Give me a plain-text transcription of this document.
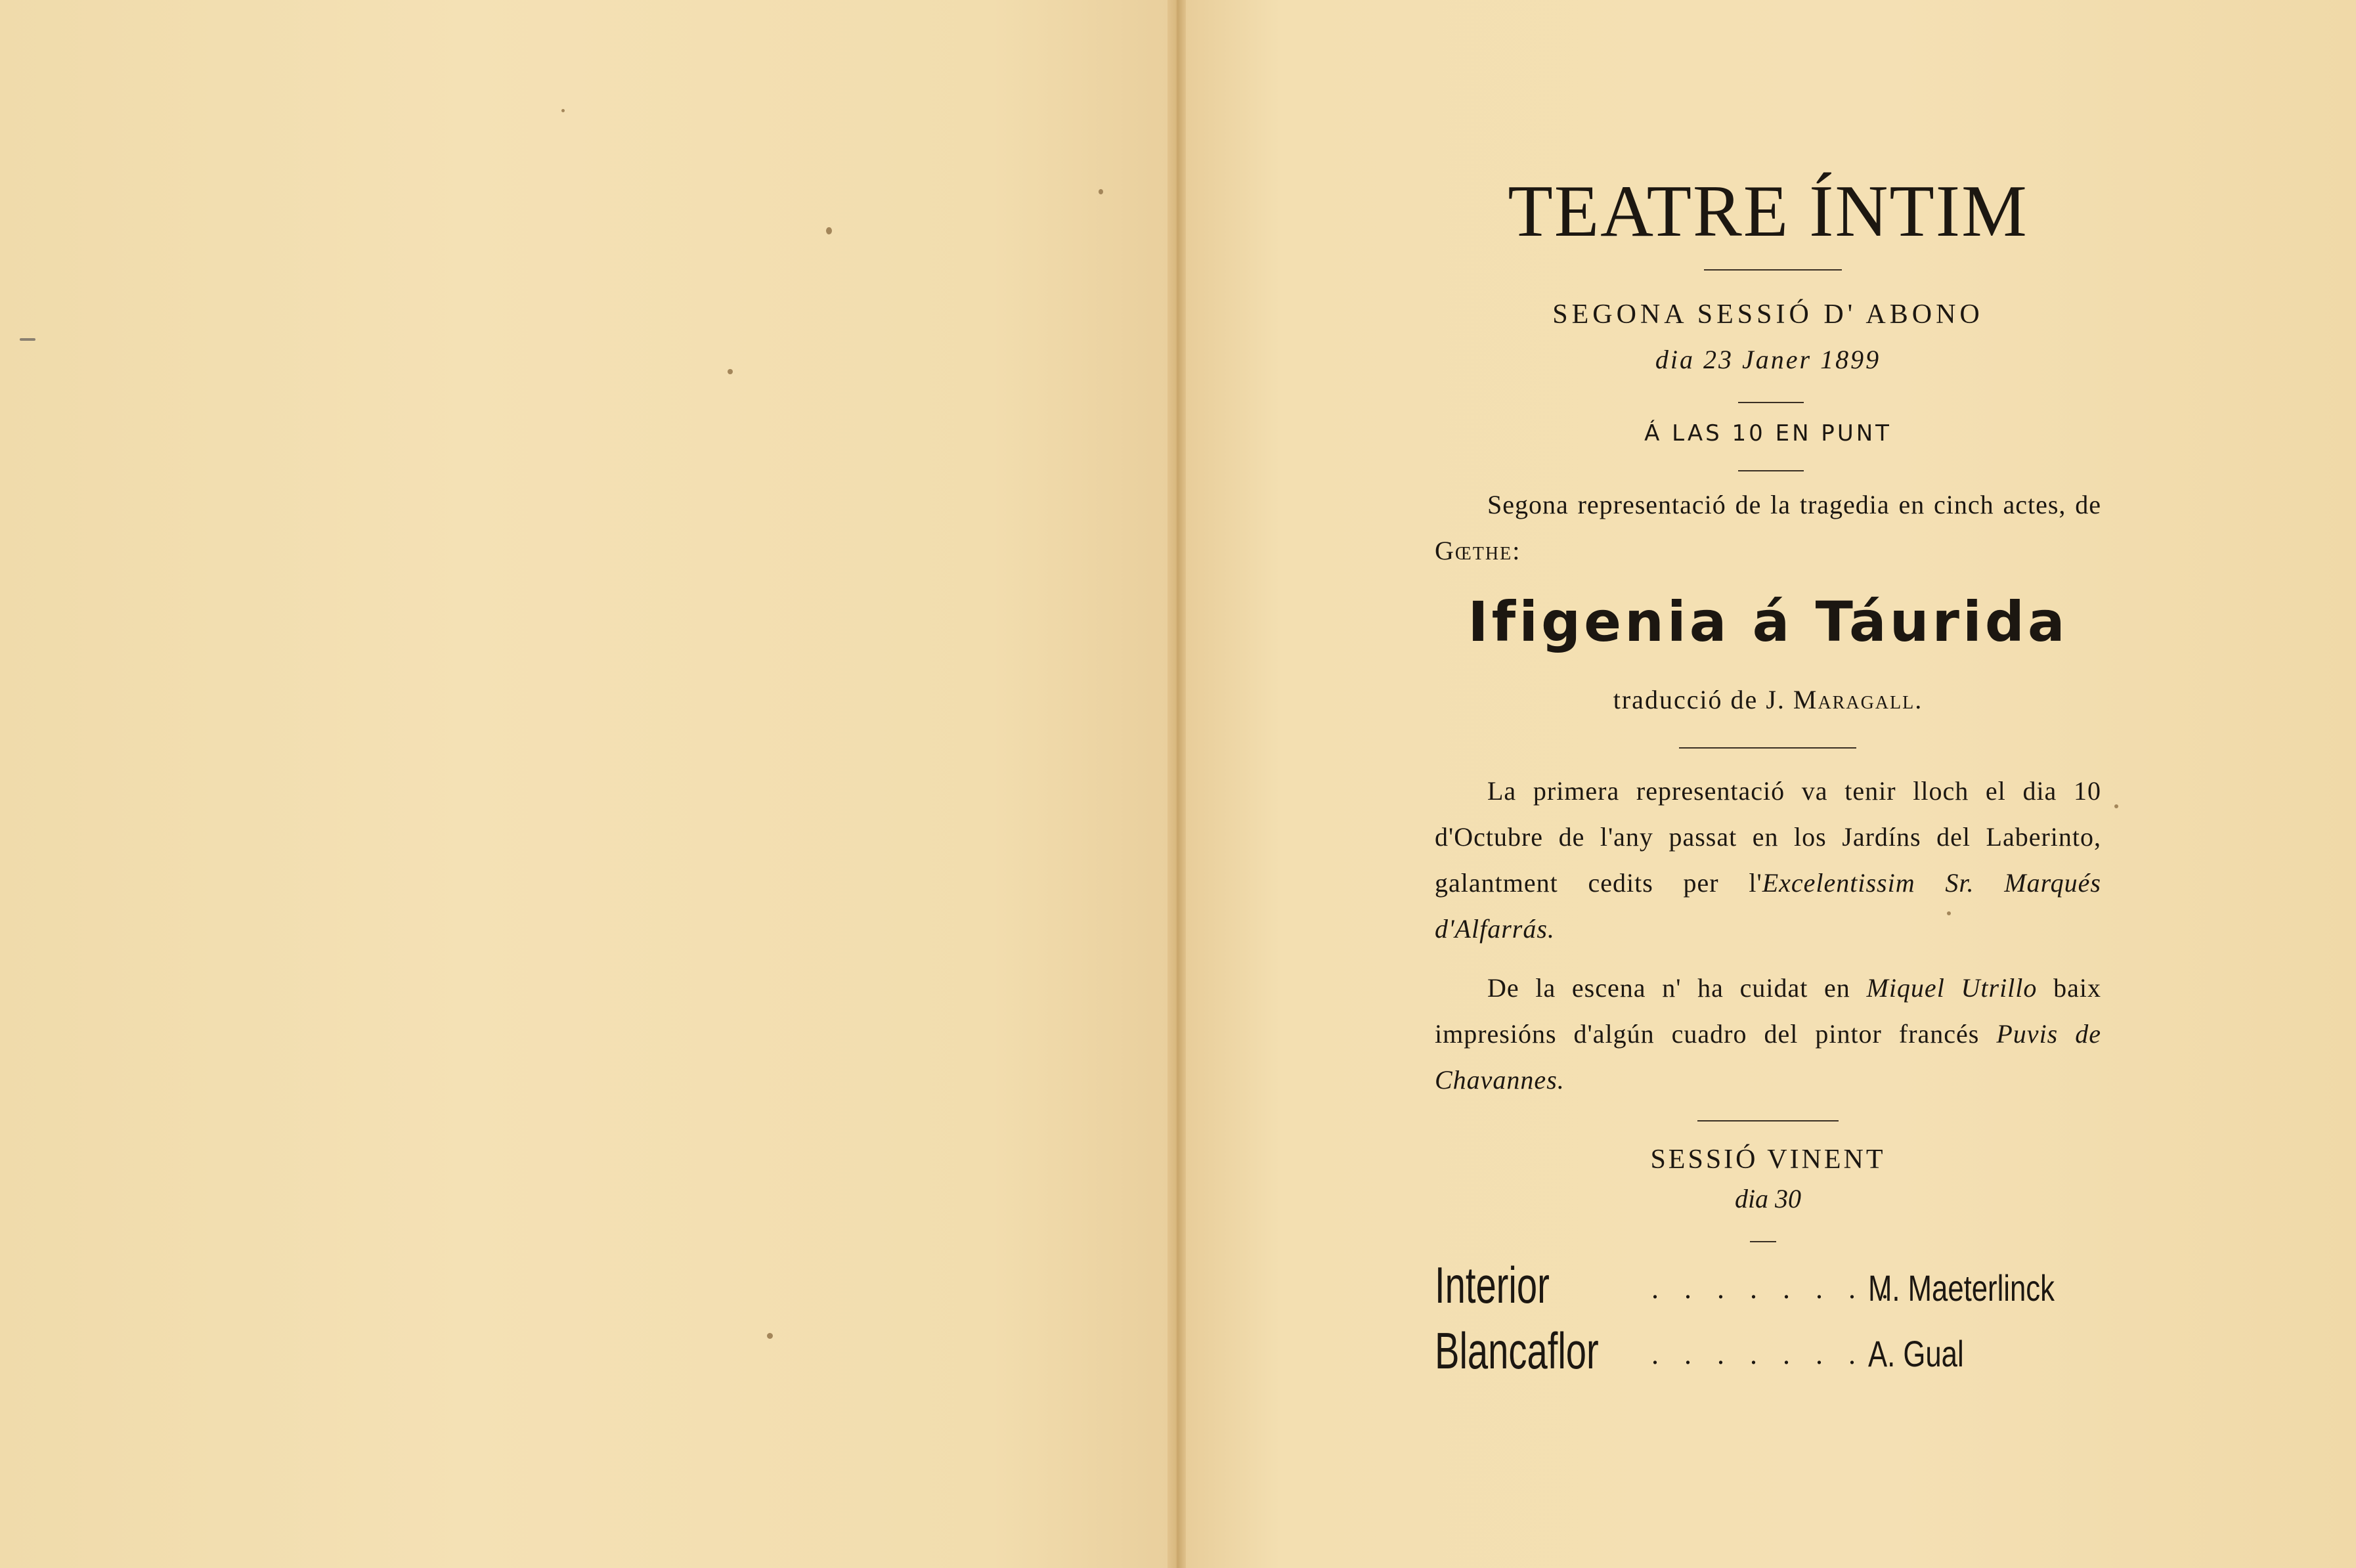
TEATRE ÍNTIM
SEGONA SESSIÓ D' ABONO
dia 23 Janer 1899
Á LAS 10 EN PUNT
Segona representació de la tragedia en cinch actes, de Gœthe:
Ifigenia á Táurida
traducció de J. Maragall.
La primera representació va tenir lloch el dia 10 d'Octubre de l'any passat en los Jardíns del Laberinto, galantment cedits per l'Excelentissim Sr. Marqués d'Alfarrás.
De la escena n' ha cuidat en Miquel Utrillo baix impresións d'algún cuadro del pintor francés Puvis de Chavannes.
SESSIÓ VINENT
dia 30
Interior	. . . . . . . .
M. Maeterlinck
Blancaflor . . . . . . . A. Gual
